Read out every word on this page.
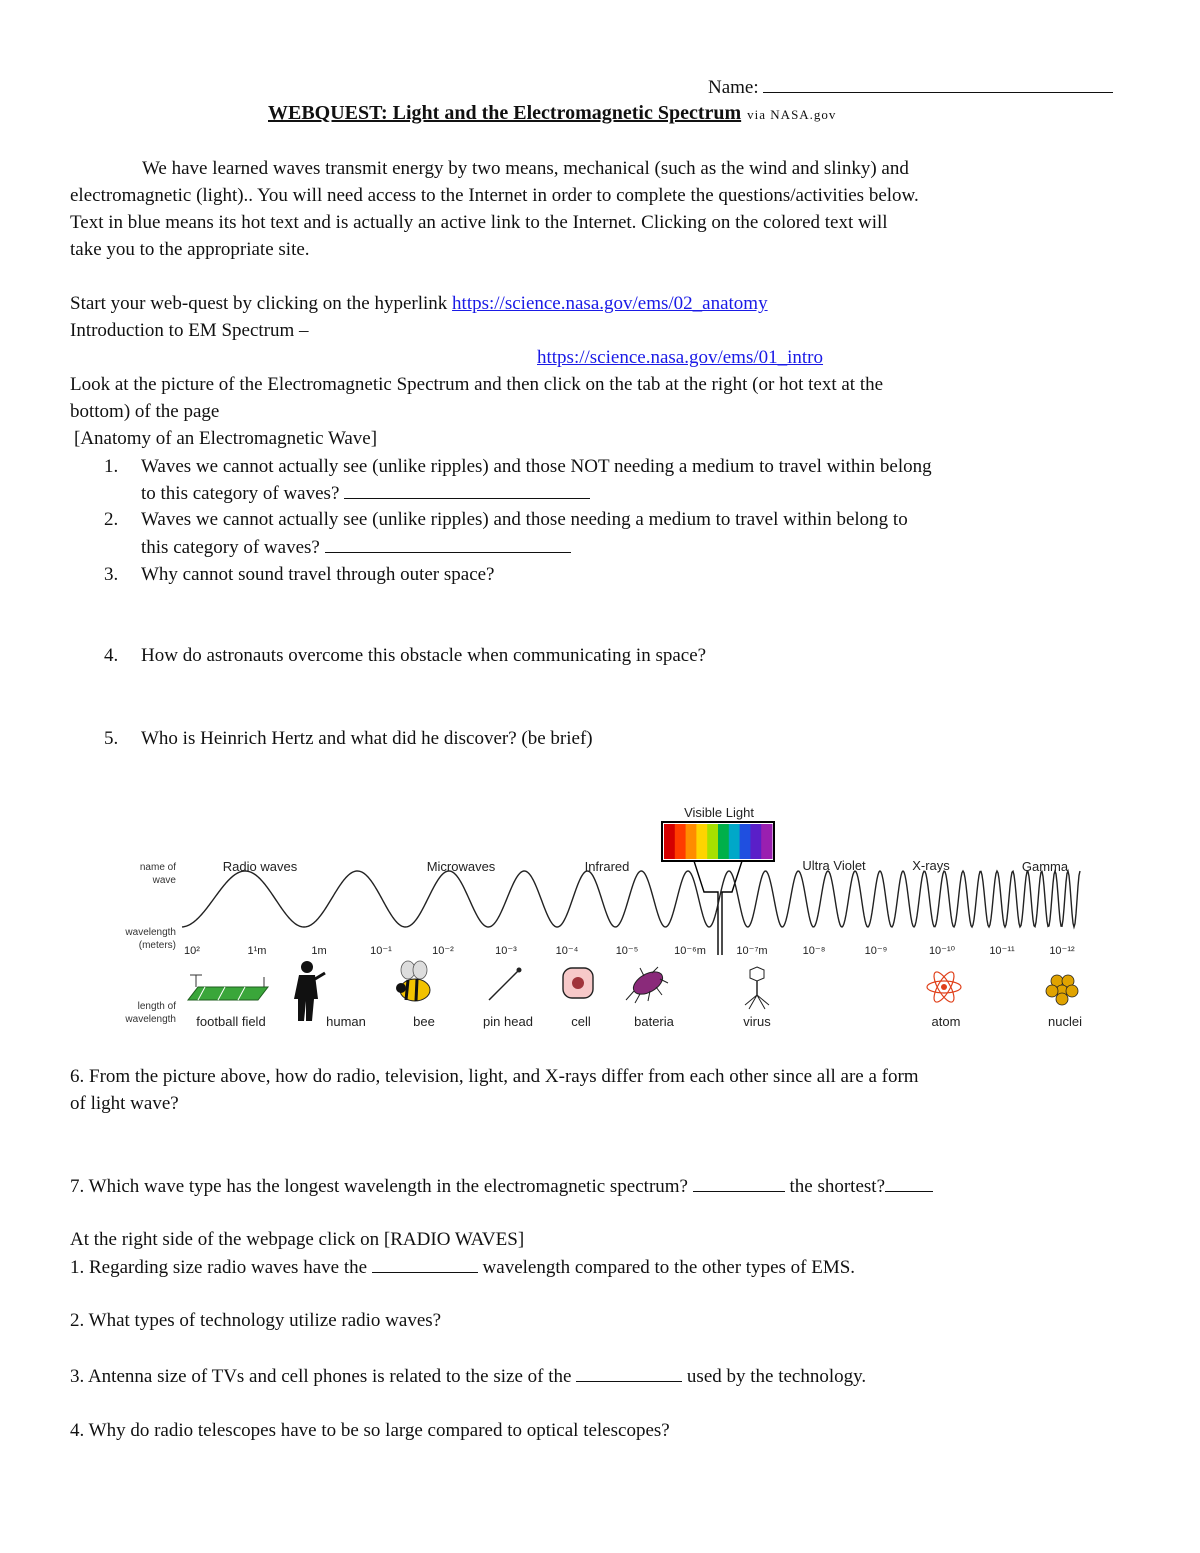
Name:
WEBQUEST: Light and the Electromagnetic Spectrum via NASA.gov
We have learned waves transmit energy by two means, mechanical (such as the wind and slinky) and
electromagnetic (light).. You will need access to the Internet in order to complete the questions/activities below.
Text in blue means its hot text and is actually an active link to the Internet. Clicking on the colored text will
take you to the appropriate site.
Start your web-quest by clicking on the hyperlink https://science.nasa.gov/ems/02_anatomy
Introduction to EM Spectrum –
https://science.nasa.gov/ems/01_intro
Look at the picture of the Electromagnetic Spectrum and then click on the tab at the right (or hot text at the
bottom) of the page
[Anatomy of an Electromagnetic Wave]
1. Waves we cannot actually see (unlike ripples) and those NOT needing a medium to travel within belong
to this category of waves?
2. Waves we cannot actually see (unlike ripples) and those needing a medium to travel within belong to
this category of waves?
3. Why cannot sound travel through outer space?
4. How do astronauts overcome this obstacle when communicating in space?
5. Who is Heinrich Hertz and what did he discover? (be brief)
Visible Light
name of
wave
wavelength
(meters)
length of
wavelength
Radio waves	Microwaves	Infrared	Ultra Violet	X-rays	Gamma
10²	1¹m	1m	10⁻¹	10⁻²	10⁻³	10⁻⁴	10⁻⁵	10⁻⁶m	10⁻⁷m	10⁻⁸	10⁻⁹	10⁻¹⁰	10⁻¹¹	10⁻¹²
football field	human	bee	pin head	cell	bateria	virus	atom	nuclei
6. From the picture above, how do radio, television, light, and X-rays differ from each other since all are a form
of light wave?
7. Which wave type has the longest wavelength in the electromagnetic spectrum?	the shortest?
At the right side of the webpage click on [RADIO WAVES]
1. Regarding size radio waves have the	wavelength compared to the other types of EMS.
2. What types of technology utilize radio waves?
3. Antenna size of TVs and cell phones is related to the size of the	used by the technology.
4. Why do radio telescopes have to be so large compared to optical telescopes?
